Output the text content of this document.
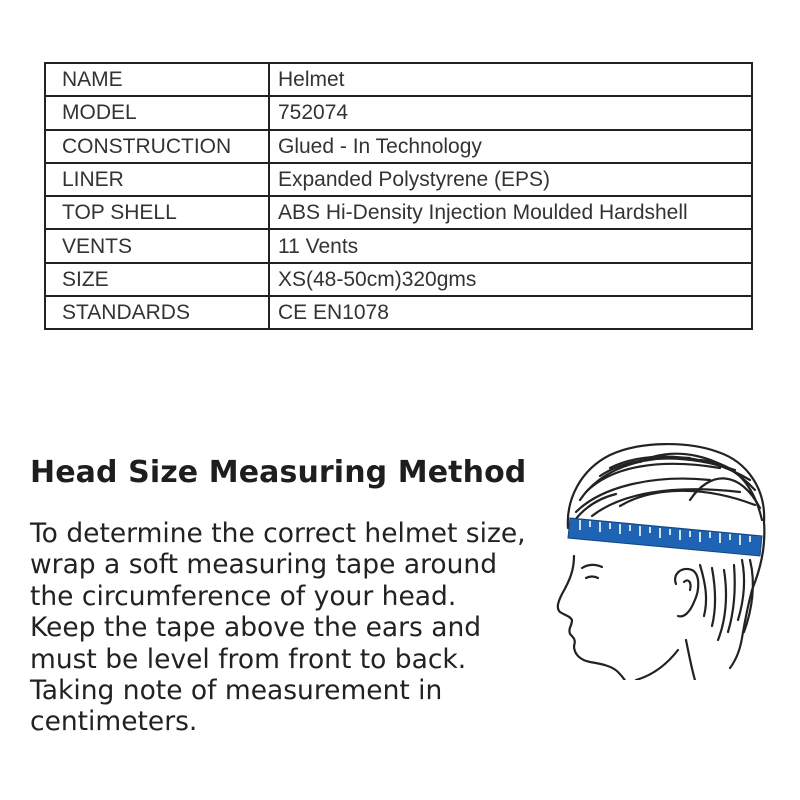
NAME	Helmet
MODEL	752074
CONSTRUCTION	Glued - In Technology
LINER	Expanded Polystyrene (EPS)
TOP SHELL	ABS Hi-Density Injection Moulded Hardshell
VENTS	11 Vents
SIZE	XS(48-50cm)320gms
STANDARDS	CE EN1078
Head Size Measuring Method
To determine the correct helmet size,
wrap a soft measuring tape around
the circumference of your head.
Keep the tape above the ears and
must be level from front to back.
Taking note of measurement in
centimeters.
